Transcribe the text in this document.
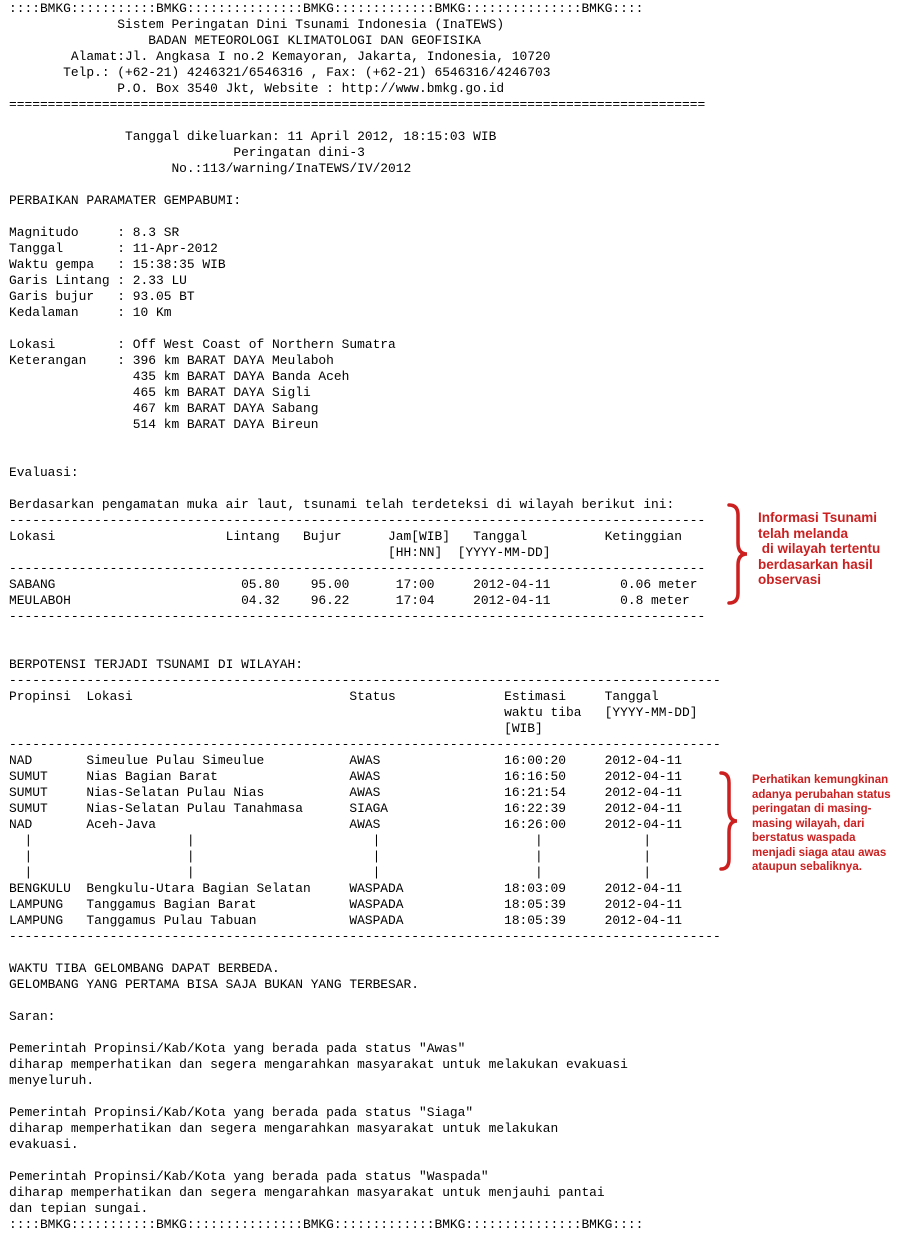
::::BMKG:::::::::::BMKG:::::::::::::::BMKG:::::::::::::BMKG:::::::::::::::BMKG::::
Sistem Peringatan Dini Tsunami Indonesia (InaTEWS)
BADAN METEOROLOGI KLIMATOLOGI DAN GEOFISIKA
Alamat:Jl. Angkasa I no.2 Kemayoran, Jakarta, Indonesia, 10720
Telp.: (+62-21) 4246321/6546316 , Fax: (+62-21) 6546316/4246703
P.O. Box 3540 Jkt, Website : http://www.bmkg.go.id
==========================================================================================
Tanggal dikeluarkan: 11 April 2012, 18:15:03 WIB
Peringatan dini-3
No.:113/warning/InaTEWS/IV/2012
PERBAIKAN PARAMATER GEMPABUMI:
Magnitudo     : 8.3 SR
Tanggal       : 11-Apr-2012
Waktu gempa   : 15:38:35 WIB
Garis Lintang : 2.33 LU
Garis bujur   : 93.05 BT
Kedalaman     : 10 Km
Lokasi        : Off West Coast of Northern Sumatra
Keterangan    : 396 km BARAT DAYA Meulaboh
435 km BARAT DAYA Banda Aceh
465 km BARAT DAYA Sigli
467 km BARAT DAYA Sabang
514 km BARAT DAYA Bireun
Evaluasi:
Berdasarkan pengamatan muka air laut, tsunami telah terdeteksi di wilayah berikut ini:
------------------------------------------------------------------------------------------
Lokasi                      Lintang   Bujur      Jam[WIB]   Tanggal          Ketinggian
[HH:NN]  [YYYY-MM-DD]
------------------------------------------------------------------------------------------
SABANG                        05.80    95.00      17:00     2012-04-11         0.06 meter
MEULABOH                      04.32    96.22      17:04     2012-04-11         0.8 meter
------------------------------------------------------------------------------------------
BERPOTENSI TERJADI TSUNAMI DI WILAYAH:
--------------------------------------------------------------------------------------------
Propinsi  Lokasi                            Status              Estimasi     Tanggal
waktu tiba   [YYYY-MM-DD]
[WIB]
--------------------------------------------------------------------------------------------
NAD       Simeulue Pulau Simeulue           AWAS                16:00:20     2012-04-11
SUMUT     Nias Bagian Barat                 AWAS                16:16:50     2012-04-11
SUMUT     Nias-Selatan Pulau Nias           AWAS                16:21:54     2012-04-11
SUMUT     Nias-Selatan Pulau Tanahmasa      SIAGA               16:22:39     2012-04-11
NAD       Aceh-Java                         AWAS                16:26:00     2012-04-11
|                    |                       |                    |             |
|                    |                       |                    |             |
|                    |                       |                    |             |
BENGKULU  Bengkulu-Utara Bagian Selatan     WASPADA             18:03:09     2012-04-11
LAMPUNG   Tanggamus Bagian Barat            WASPADA             18:05:39     2012-04-11
LAMPUNG   Tanggamus Pulau Tabuan            WASPADA             18:05:39     2012-04-11
--------------------------------------------------------------------------------------------
WAKTU TIBA GELOMBANG DAPAT BERBEDA.
GELOMBANG YANG PERTAMA BISA SAJA BUKAN YANG TERBESAR.
Saran:
Pemerintah Propinsi/Kab/Kota yang berada pada status "Awas"
diharap memperhatikan dan segera mengarahkan masyarakat untuk melakukan evakuasi
menyeluruh.
Pemerintah Propinsi/Kab/Kota yang berada pada status "Siaga"
diharap memperhatikan dan segera mengarahkan masyarakat untuk melakukan
evakuasi.
Pemerintah Propinsi/Kab/Kota yang berada pada status "Waspada"
diharap memperhatikan dan segera mengarahkan masyarakat untuk menjauhi pantai
dan tepian sungai.
::::BMKG:::::::::::BMKG:::::::::::::::BMKG:::::::::::::BMKG:::::::::::::::BMKG::::
Informasi Tsunami
telah melanda
di wilayah tertentu
berdasarkan hasil
observasi
Perhatikan kemungkinan
adanya perubahan status
peringatan di masing-
masing wilayah, dari
berstatus waspada
menjadi siaga atau awas
ataupun sebaliknya.
